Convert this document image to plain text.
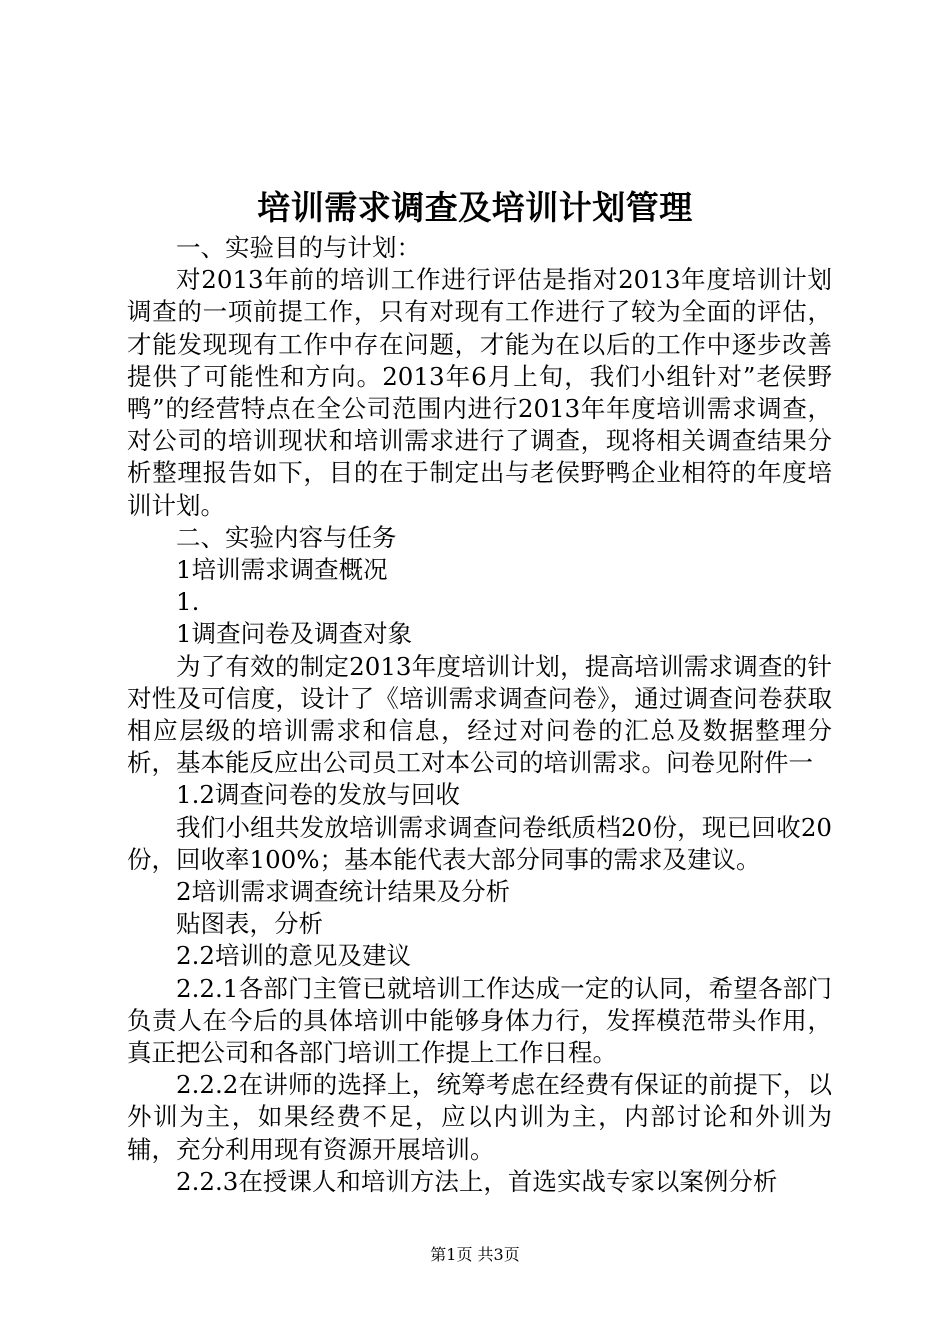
培训需求调查及培训计划管理

一、实验目的与计划：

对2013年前的培训工作进行评估是指对2013年度培训计划调查的一项前提工作，只有对现有工作进行了较为全面的评估，才能发现现有工作中存在问题，才能为在以后的工作中逐步改善提供了可能性和方向。2013年6月上旬，我们小组针对”老侯野鸭”的经营特点在全公司范围内进行2013年年度培训需求调查，对公司的培训现状和培训需求进行了调查，现将相关调查结果分析整理报告如下，目的在于制定出与老侯野鸭企业相符的年度培训计划。

二、实验内容与任务

1培训需求调查概况

1.

1调查问卷及调查对象

为了有效的制定2013年度培训计划，提高培训需求调查的针对性及可信度，设计了《培训需求调查问卷》，通过调查问卷获取相应层级的培训需求和信息，经过对问卷的汇总及数据整理分析，基本能反应出公司员工对本公司的培训需求。问卷见附件一

1.2调查问卷的发放与回收

我们小组共发放培训需求调查问卷纸质档20份，现已回收20份，回收率100%；基本能代表大部分同事的需求及建议。

2培训需求调查统计结果及分析

贴图表，分析

2.2培训的意见及建议

2.2.1各部门主管已就培训工作达成一定的认同，希望各部门负责人在今后的具体培训中能够身体力行，发挥模范带头作用，真正把公司和各部门培训工作提上工作日程。

2.2.2在讲师的选择上，统筹考虑在经费有保证的前提下，以外训为主，如果经费不足，应以内训为主，内部讨论和外训为辅，充分利用现有资源开展培训。

2.2.3在授课人和培训方法上，首选实战专家以案例分析

第1页 共3页
